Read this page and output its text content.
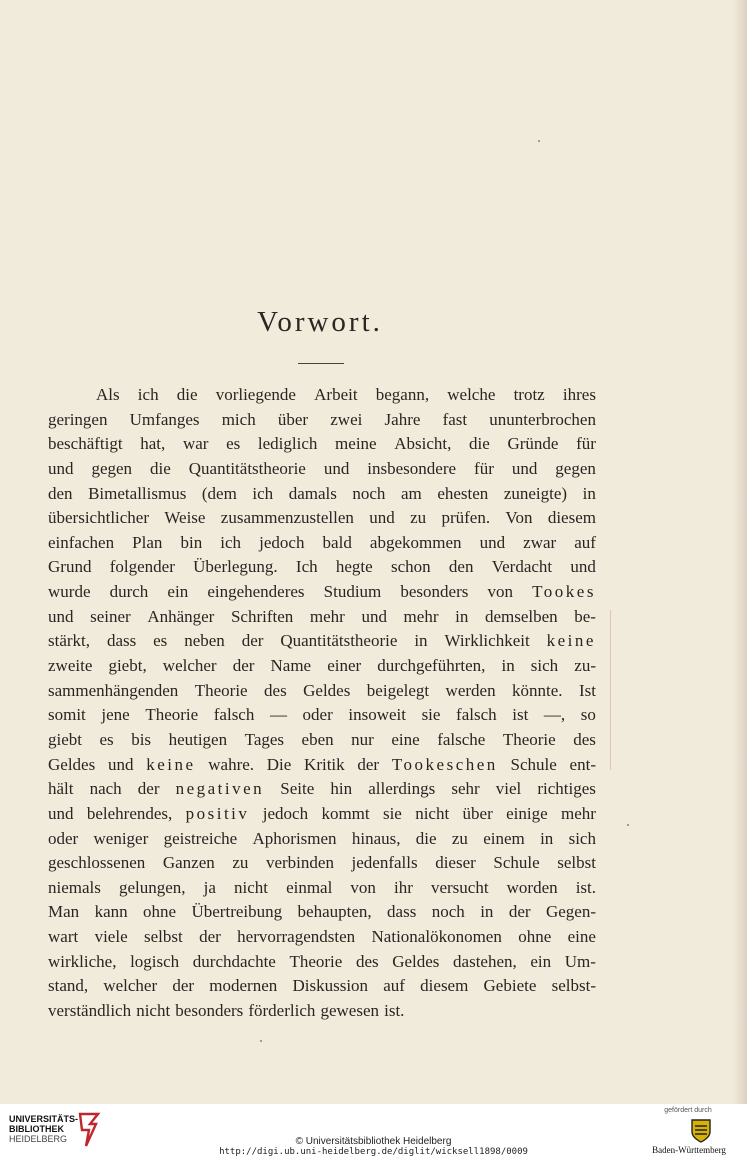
Vorwort.
Als ich die vorliegende Arbeit begann, welche trotz ihres
geringen Umfanges mich über zwei Jahre fast ununterbrochen
beschäftigt hat, war es lediglich meine Absicht, die Gründe für
und gegen die Quantitätstheorie und insbesondere für und gegen
den Bimetallismus (dem ich damals noch am ehesten zuneigte) in
übersichtlicher Weise zusammenzustellen und zu prüfen. Von diesem
einfachen Plan bin ich jedoch bald abgekommen und zwar auf
Grund folgender Überlegung. Ich hegte schon den Verdacht und
wurde durch ein eingehenderes Studium besonders von Tookes
und seiner Anhänger Schriften mehr und mehr in demselben be-
stärkt, dass es neben der Quantitätstheorie in Wirklichkeit keine
zweite giebt, welcher der Name einer durchgeführten, in sich zu-
sammenhängenden Theorie des Geldes beigelegt werden könnte. Ist
somit jene Theorie falsch — oder insoweit sie falsch ist —, so
giebt es bis heutigen Tages eben nur eine falsche Theorie des
Geldes und keine wahre. Die Kritik der Tookeschen Schule ent-
hält nach der negativen Seite hin allerdings sehr viel richtiges
und belehrendes, positiv jedoch kommt sie nicht über einige mehr
oder weniger geistreiche Aphorismen hinaus, die zu einem in sich
geschlossenen Ganzen zu verbinden jedenfalls dieser Schule selbst
niemals gelungen, ja nicht einmal von ihr versucht worden ist.
Man kann ohne Übertreibung behaupten, dass noch in der Gegen-
wart viele selbst der hervorragendsten Nationalökonomen ohne eine
wirkliche, logisch durchdachte Theorie des Geldes dastehen, ein Um-
stand, welcher der modernen Diskussion auf diesem Gebiete selbst-
verständlich nicht besonders förderlich gewesen ist.
UNIVERSITÄTS-
BIBLIOTHEK
HEIDELBERG	© Universitätsbibliothek Heidelberg
http://digi.ub.uni-heidelberg.de/diglit/wicksell1898/0009
gefördert durch
Baden-Württemberg
